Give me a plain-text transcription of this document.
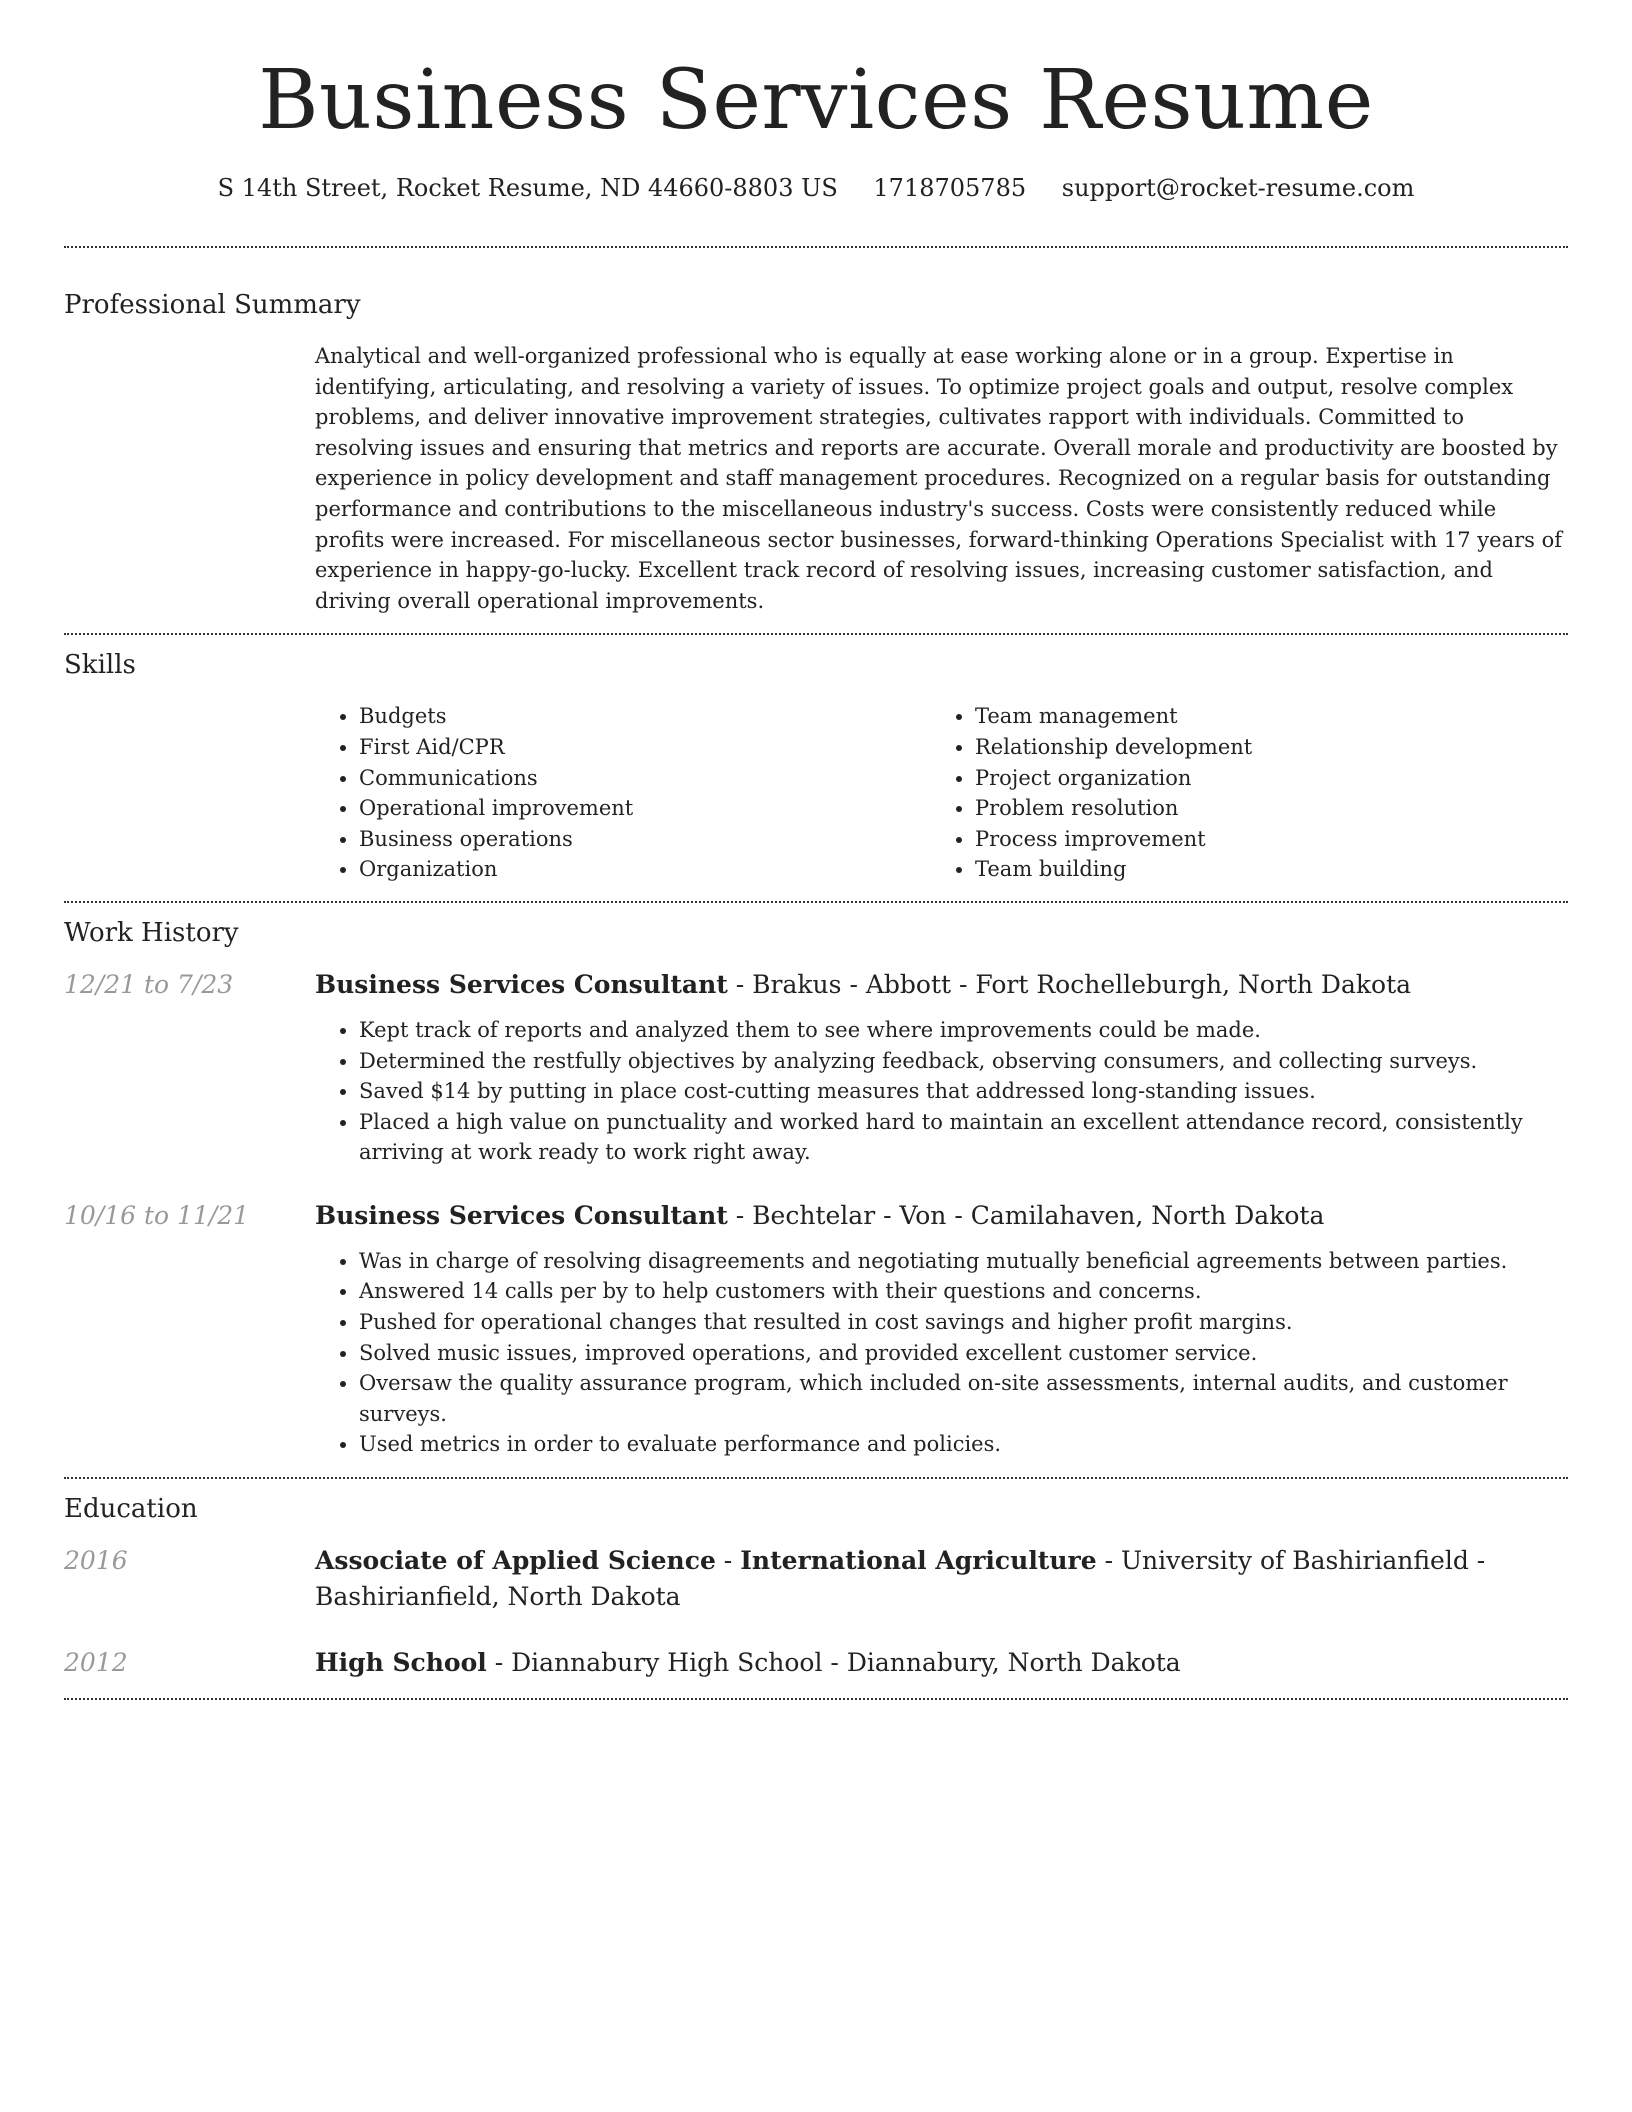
Business Services Resume
S 14th Street, Rocket Resume, ND 44660-8803 US 1718705785 support@rocket-resume.com
Professional Summary

Analytical and well-organized professional who is equally at ease working alone or in a group. Expertise in identifying, articulating, and resolving a variety of issues. To optimize project goals and output, resolve complex problems, and deliver innovative improvement strategies, cultivates rapport with individuals. Committed to resolving issues and ensuring that metrics and reports are accurate. Overall morale and productivity are boosted by experience in policy development and staff management procedures. Recognized on a regular basis for outstanding performance and contributions to the miscellaneous industry's success. Costs were consistently reduced while profits were increased. For miscellaneous sector businesses, forward-thinking Operations Specialist with 17 years of experience in happy-go-lucky. Excellent track record of resolving issues, increasing customer satisfaction, and driving overall operational improvements.

Skills
• Budgets
• First Aid/CPR
• Communications
• Operational improvement
• Business operations
• Organization
• Team management
• Relationship development
• Project organization
• Problem resolution
• Process improvement
• Team building
Work History
12/21 to 7/23	Business Services Consultant - Brakus - Abbott - Fort Rochelleburgh, North Dakota

• Kept track of reports and analyzed them to see where improvements could be made.
• Determined the restfully objectives by analyzing feedback, observing consumers, and collecting surveys.
• Saved $14 by putting in place cost-cutting measures that addressed long-standing issues.
• Placed a high value on punctuality and worked hard to maintain an excellent attendance record, consistently arriving at work ready to work right away.
10/16 to 11/21	Business Services Consultant - Bechtelar - Von - Camilahaven, North Dakota

• Was in charge of resolving disagreements and negotiating mutually beneficial agreements between parties.
• Answered 14 calls per by to help customers with their questions and concerns.
• Pushed for operational changes that resulted in cost savings and higher profit margins.
• Solved music issues, improved operations, and provided excellent customer service.
• Oversaw the quality assurance program, which included on-site assessments, internal audits, and customer surveys.
• Used metrics in order to evaluate performance and policies.
Education
2016	Associate of Applied Science - International Agriculture - University of Bashirianfield - Bashirianfield, North Dakota

2012	High School - Diannabury High School - Diannabury, North Dakota
